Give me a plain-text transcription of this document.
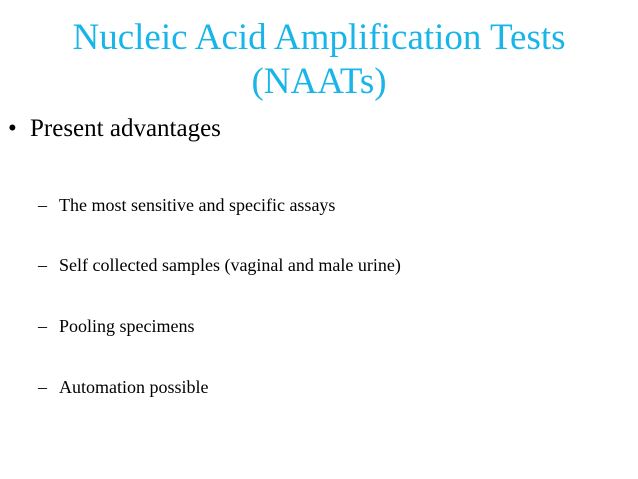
Nucleic Acid Amplification Tests
(NAATs)
• Present advantages
– The most sensitive and specific assays
– Self collected samples (vaginal and male urine)
– Pooling specimens
– Automation possible
